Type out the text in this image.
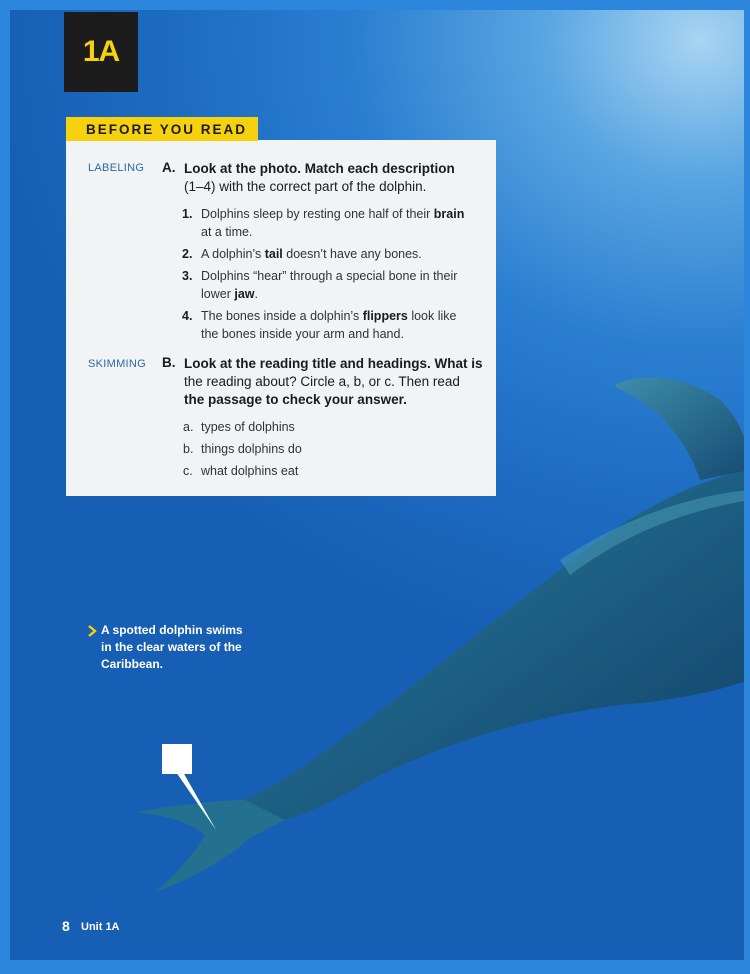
1A
BEFORE YOU READ
LABELING A. Look at the photo. Match each description
(1–4) with the correct part of the dolphin.
1. Dolphins sleep by resting one half of their brain
at a time.
2. A dolphin’s tail doesn’t have any bones.
3. Dolphins “hear” through a special bone in their
lower jaw.
4. The bones inside a dolphin’s flippers look like
the bones inside your arm and hand.
SKIMMING B. Look at the reading title and headings. What is
the reading about? Circle a, b, or c. Then read
the passage to check your answer.
a. types of dolphins
b. things dolphins do
c. what dolphins eat
A spotted dolphin swims
in the clear waters of the
Caribbean.
8 Unit 1A
